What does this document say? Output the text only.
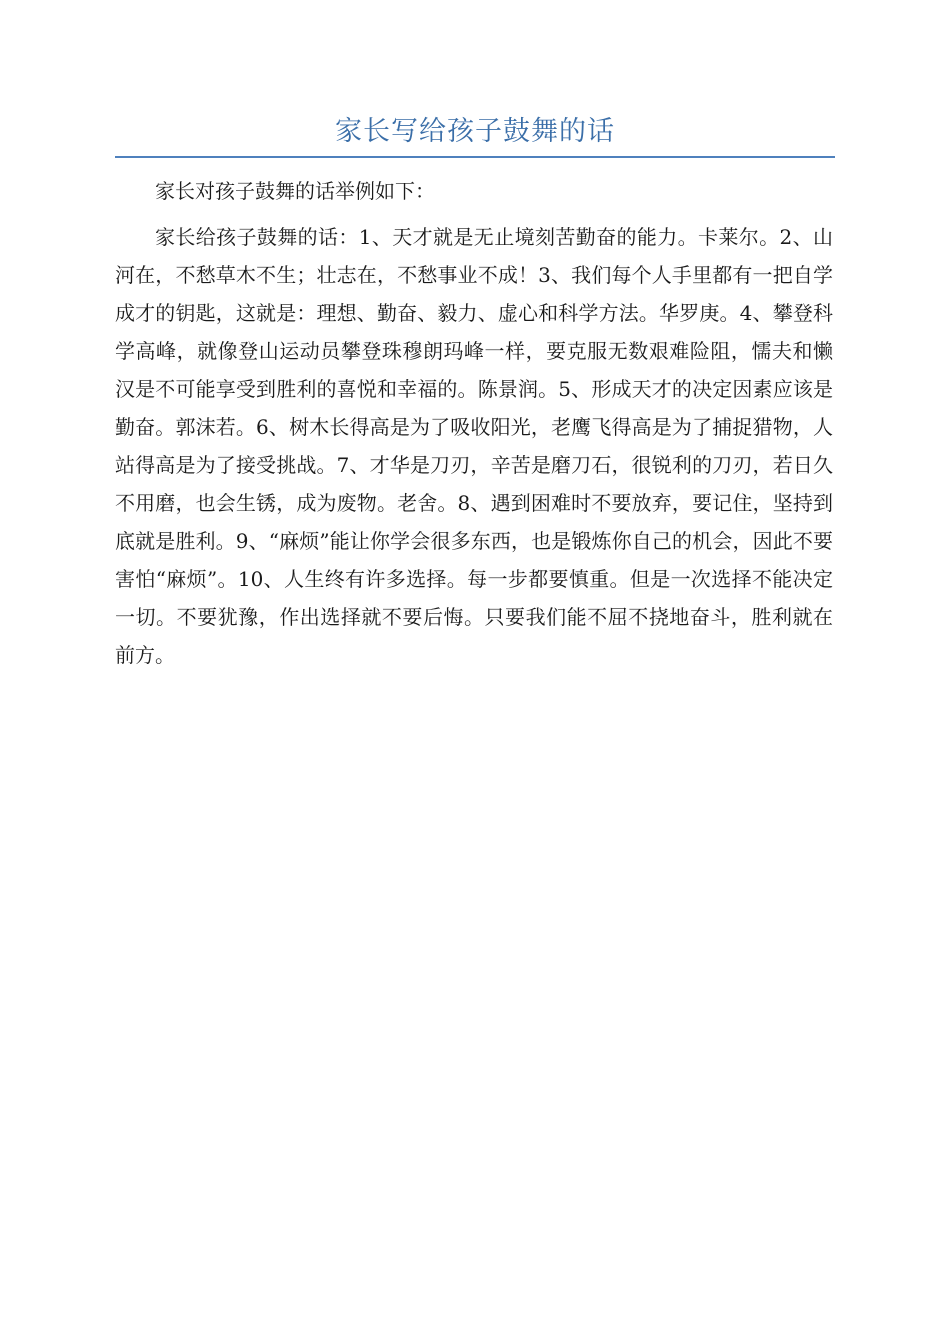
家长写给孩子鼓舞的话

家长对孩子鼓舞的话举例如下：

家长给孩子鼓舞的话：1、天才就是无止境刻苦勤奋的能力。卡莱尔。2、山河在，不愁草木不生；壮志在，不愁事业不成！3、我们每个人手里都有一把自学成才的钥匙，这就是：理想、勤奋、毅力、虚心和科学方法。华罗庚。4、攀登科学高峰，就像登山运动员攀登珠穆朗玛峰一样，要克服无数艰难险阻，懦夫和懒汉是不可能享受到胜利的喜悦和幸福的。陈景润。5、形成天才的决定因素应该是勤奋。郭沫若。6、树木长得高是为了吸收阳光，老鹰飞得高是为了捕捉猎物，人站得高是为了接受挑战。7、才华是刀刃，辛苦是磨刀石，很锐利的刀刃，若日久不用磨，也会生锈，成为废物。老舍。8、遇到困难时不要放弃，要记住，坚持到底就是胜利。9、“麻烦”能让你学会很多东西，也是锻炼你自己的机会，因此不要害怕“麻烦”。10、人生终有许多选择。每一步都要慎重。但是一次选择不能决定一切。不要犹豫，作出选择就不要后悔。只要我们能不屈不挠地奋斗，胜利就在前方。
